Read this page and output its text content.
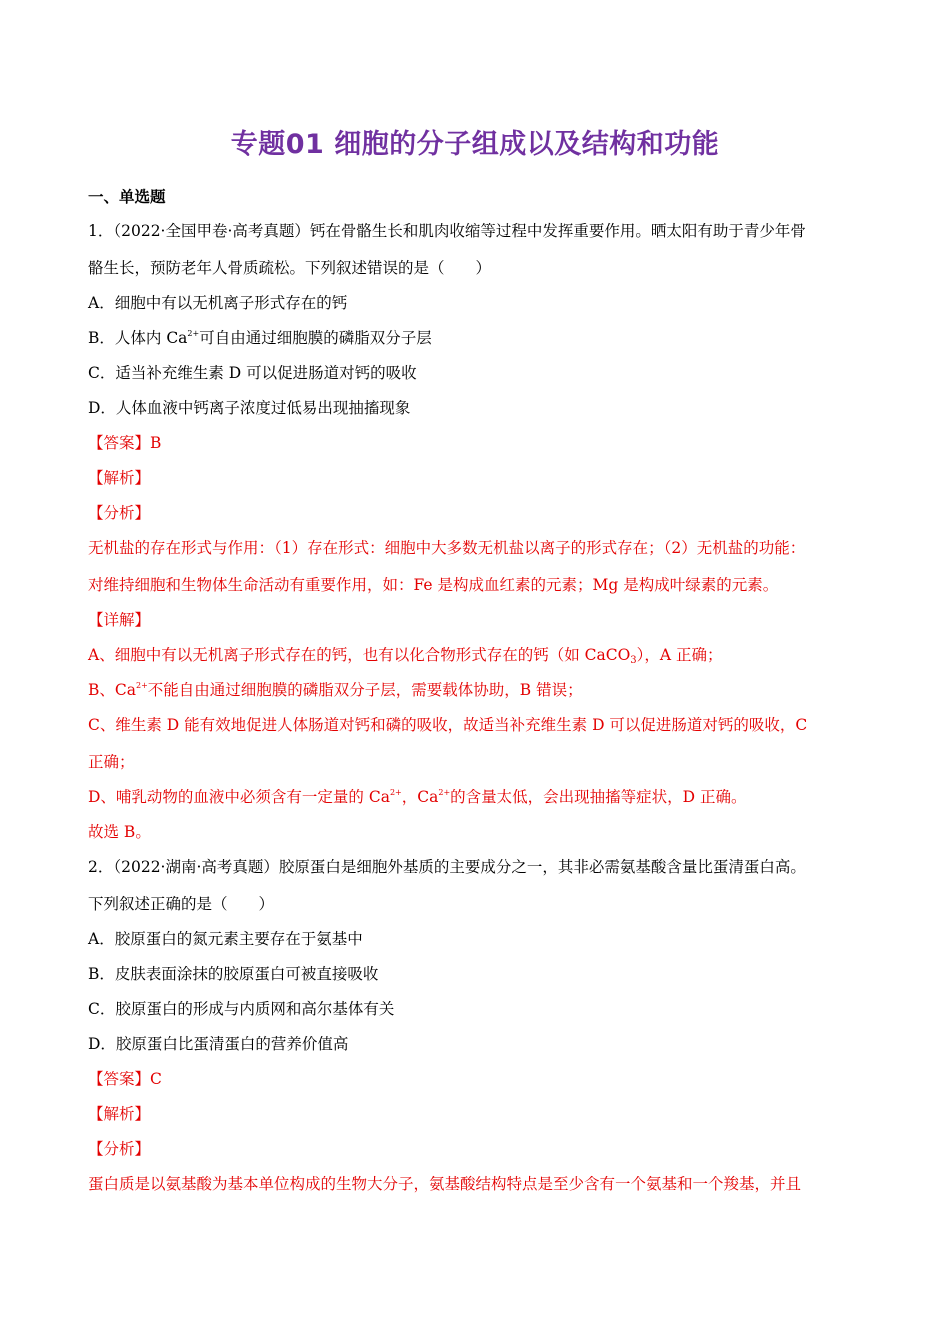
专题01 细胞的分子组成以及结构和功能
一、单选题
1．（2022·全国甲卷·高考真题）钙在骨骼生长和肌肉收缩等过程中发挥重要作用。晒太阳有助于青少年骨
骼生长，预防老年人骨质疏松。下列叙述错误的是（　　）
A．细胞中有以无机离子形式存在的钙
B．人体内 $Ca^{2+}$可自由通过细胞膜的磷脂双分子层
C．适当补充维生素 D 可以促进肠道对钙的吸收
D．人体血液中钙离子浓度过低易出现抽搐现象
【答案】B
【解析】
【分析】
无机盐的存在形式与作用：（1）存在形式：细胞中大多数无机盐以离子的形式存在；（2）无机盐的功能：
对维持细胞和生物体生命活动有重要作用，如：Fe 是构成血红素的元素；Mg 是构成叶绿素的元素。
【详解】
A、细胞中有以无机离子形式存在的钙，也有以化合物形式存在的钙（如 CaCO$_3$），A 正确；
B、$Ca^{2+}$不能自由通过细胞膜的磷脂双分子层，需要载体协助，B 错误；
C、维生素 D 能有效地促进人体肠道对钙和磷的吸收，故适当补充维生素 D 可以促进肠道对钙的吸收，C
正确；
D、哺乳动物的血液中必须含有一定量的 $Ca^{2+}$，$Ca^{2+}$的含量太低，会出现抽搐等症状，D 正确。
故选 B。
2．（2022·湖南·高考真题）胶原蛋白是细胞外基质的主要成分之一，其非必需氨基酸含量比蛋清蛋白高。
下列叙述正确的是（　　）
A．胶原蛋白的氮元素主要存在于氨基中
B．皮肤表面涂抹的胶原蛋白可被直接吸收
C．胶原蛋白的形成与内质网和高尔基体有关
D．胶原蛋白比蛋清蛋白的营养价值高
【答案】C
【解析】
【分析】
蛋白质是以氨基酸为基本单位构成的生物大分子，氨基酸结构特点是至少含有一个氨基和一个羧基，并且
